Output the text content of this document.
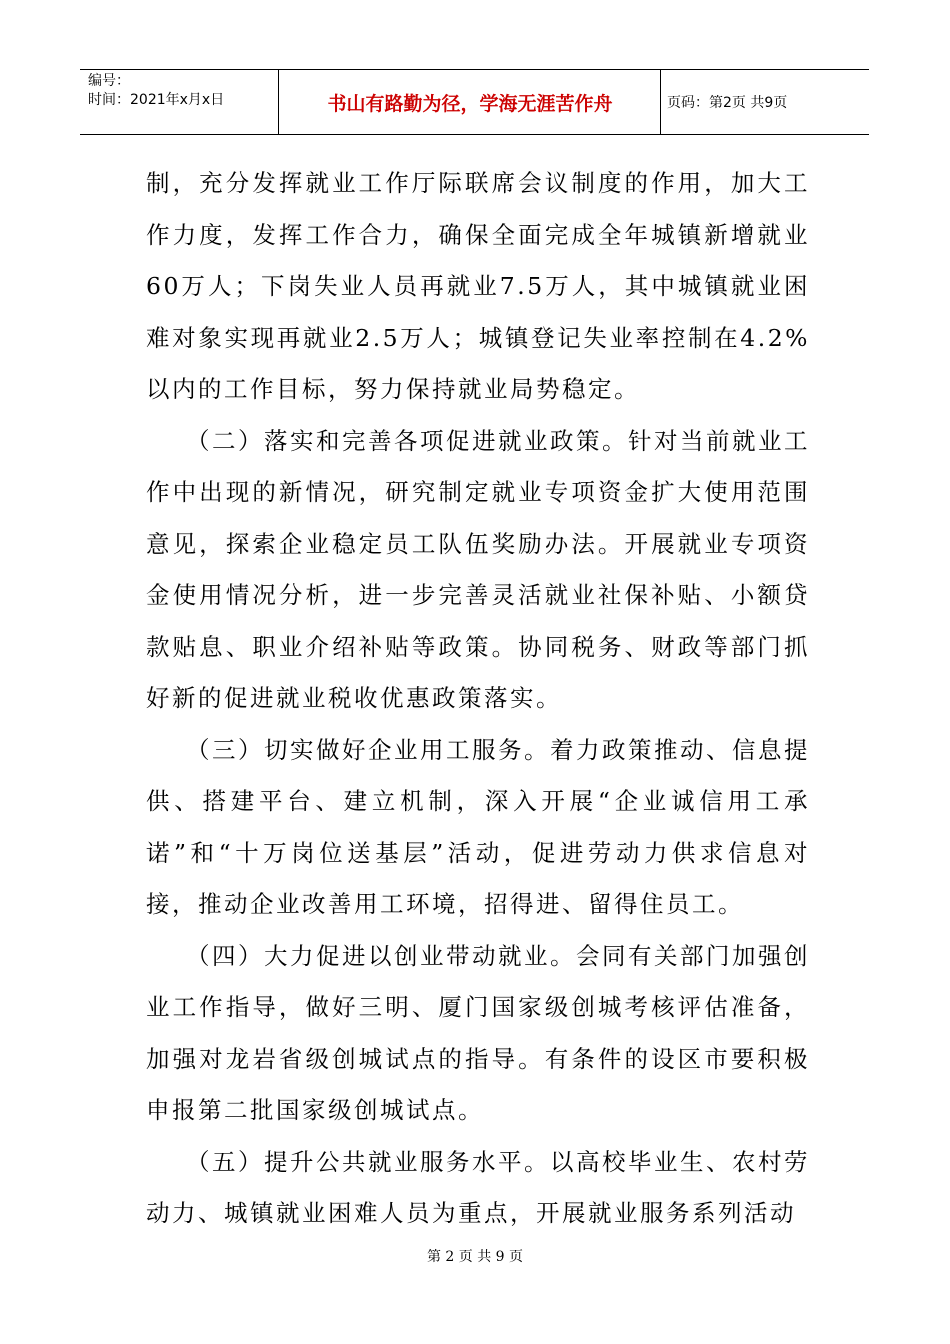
编号：
时间：2021年x月x日	书山有路勤为径，学海无涯苦作舟	页码：第2页 共9页

制，充分发挥就业工作厅际联席会议制度的作用，加大工作力度，发挥工作合力，确保全面完成全年城镇新增就业60万人；下岗失业人员再就业7.5万人，其中城镇就业困难对象实现再就业2.5万人；城镇登记失业率控制在4.2%以内的工作目标，努力保持就业局势稳定。

（二）落实和完善各项促进就业政策。针对当前就业工作中出现的新情况，研究制定就业专项资金扩大使用范围意见，探索企业稳定员工队伍奖励办法。开展就业专项资金使用情况分析，进一步完善灵活就业社保补贴、小额贷款贴息、职业介绍补贴等政策。协同税务、财政等部门抓好新的促进就业税收优惠政策落实。

（三）切实做好企业用工服务。着力政策推动、信息提供、搭建平台、建立机制，深入开展“企业诚信用工承诺”和“十万岗位送基层”活动，促进劳动力供求信息对接，推动企业改善用工环境，招得进、留得住员工。

（四）大力促进以创业带动就业。会同有关部门加强创业工作指导，做好三明、厦门国家级创城考核评估准备，加强对龙岩省级创城试点的指导。有条件的设区市要积极申报第二批国家级创城试点。

（五）提升公共就业服务水平。以高校毕业生、农村劳动力、城镇就业困难人员为重点，开展就业服务系列活动

第 2 页 共 9 页
